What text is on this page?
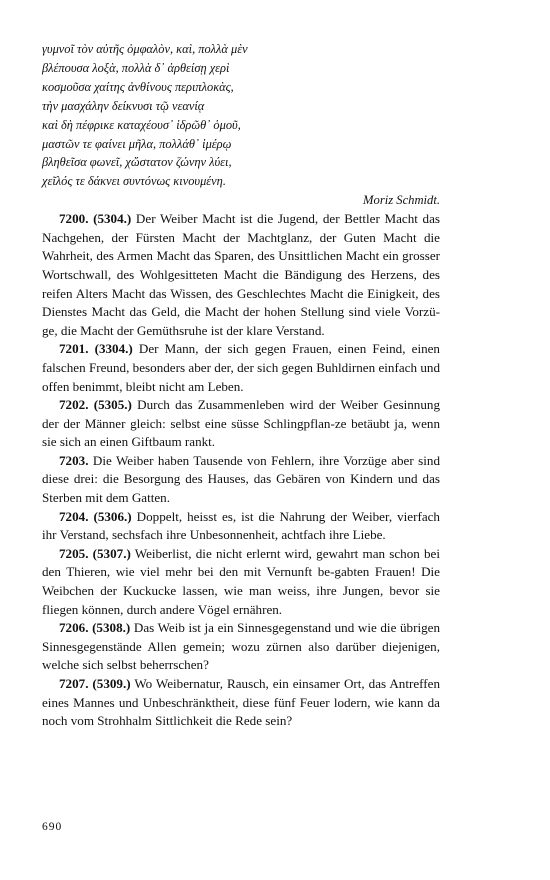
γυμνοῖ τὸν αὐτῆς ὀμφαλὸν, καὶ, πολλὰ μὲν
βλέπουσα λοξὰ, πολλὰ δ᾽ ἀρθείσῃ χερὶ
κοσμοῦσα χαίτης ἀνθίνους περιπλοκὰς,
τὴν μασχάλην δείκνυσι τῷ νεανίᾳ
καὶ δὴ πέφρικε καταχέουσ᾽ ἱδρῶθ᾽ ὁμοῦ,
μαστῶν τε φαίνει μῆλα, πολλάθ᾽ ἱμέρῳ
βληθεῖσα φωνεῖ, χὤστατον ζώνην λύει,
χεῖλός τε δάκνει συντόνως κινουμένη.
Moriz Schmidt.

7200. (5304.) Der Weiber Macht ist die Jugend, der Bettler Macht das Nachgehen, der Fürsten Macht der Machtglanz, der Guten Macht die Wahrheit, des Armen Macht das Sparen, des Unsittlichen Macht ein grosser Wortschwall, des Wohlgesitteten Macht die Bändigung des Herzens, des reifen Alters Macht das Wissen, des Geschlechtes Macht die Einigkeit, des Dienstes Macht das Geld, die Macht der hohen Stellung sind viele Vorzü-ge, die Macht der Gemüthsruhe ist der klare Verstand.

7201. (3304.) Der Mann, der sich gegen Frauen, einen Feind, einen falschen Freund, besonders aber der, der sich gegen Buhldirnen einfach und offen benimmt, bleibt nicht am Leben.

7202. (5305.) Durch das Zusammenleben wird der Weiber Gesinnung der der Männer gleich: selbst eine süsse Schlingpflan-ze betäubt ja, wenn sie sich an einen Giftbaum rankt.

7203. Die Weiber haben Tausende von Fehlern, ihre Vorzüge aber sind diese drei: die Besorgung des Hauses, das Gebären von Kindern und das Sterben mit dem Gatten.

7204. (5306.) Doppelt, heisst es, ist die Nahrung der Weiber, vierfach ihr Verstand, sechsfach ihre Unbesonnenheit, achtfach ihre Liebe.

7205. (5307.) Weiberlist, die nicht erlernt wird, gewahrt man schon bei den Thieren, wie viel mehr bei den mit Vernunft be-gabten Frauen! Die Weibchen der Kuckucke lassen, wie man weiss, ihre Jungen, bevor sie fliegen können, durch andere Vögel ernähren.

7206. (5308.) Das Weib ist ja ein Sinnesgegenstand und wie die übrigen Sinnesgegenstände Allen gemein; wozu zürnen also darüber diejenigen, welche sich selbst beherrschen?

7207. (5309.) Wo Weibernatur, Rausch, ein einsamer Ort, das Antreffen eines Mannes und Unbeschränktheit, diese fünf Feuer lodern, wie kann da noch vom Strohhalm Sittlichkeit die Rede sein?

690
